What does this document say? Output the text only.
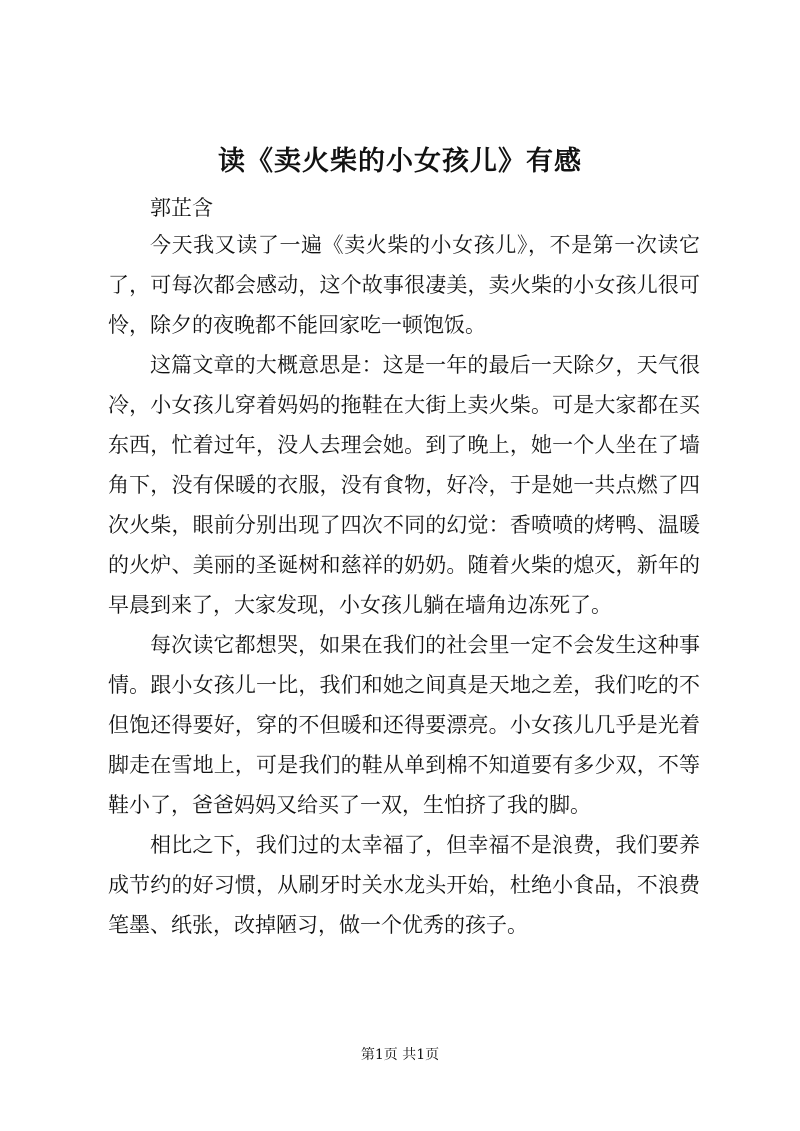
读《卖火柴的小女孩儿》有感
郭芷含

今天我又读了一遍《卖火柴的小女孩儿》，不是第一次读它了，可每次都会感动，这个故事很凄美，卖火柴的小女孩儿很可怜，除夕的夜晚都不能回家吃一顿饱饭。

这篇文章的大概意思是：这是一年的最后一天除夕，天气很冷，小女孩儿穿着妈妈的拖鞋在大街上卖火柴。可是大家都在买东西，忙着过年，没人去理会她。到了晚上，她一个人坐在了墙角下，没有保暖的衣服，没有食物，好冷，于是她一共点燃了四次火柴，眼前分别出现了四次不同的幻觉：香喷喷的烤鸭、温暖的火炉、美丽的圣诞树和慈祥的奶奶。随着火柴的熄灭，新年的早晨到来了，大家发现，小女孩儿躺在墙角边冻死了。

每次读它都想哭，如果在我们的社会里一定不会发生这种事情。跟小女孩儿一比，我们和她之间真是天地之差，我们吃的不但饱还得要好，穿的不但暖和还得要漂亮。小女孩儿几乎是光着脚走在雪地上，可是我们的鞋从单到棉不知道要有多少双，不等鞋小了，爸爸妈妈又给买了一双，生怕挤了我的脚。

相比之下，我们过的太幸福了，但幸福不是浪费，我们要养成节约的好习惯，从刷牙时关水龙头开始，杜绝小食品，不浪费笔墨、纸张，改掉陋习，做一个优秀的孩子。

第1页 共1页
